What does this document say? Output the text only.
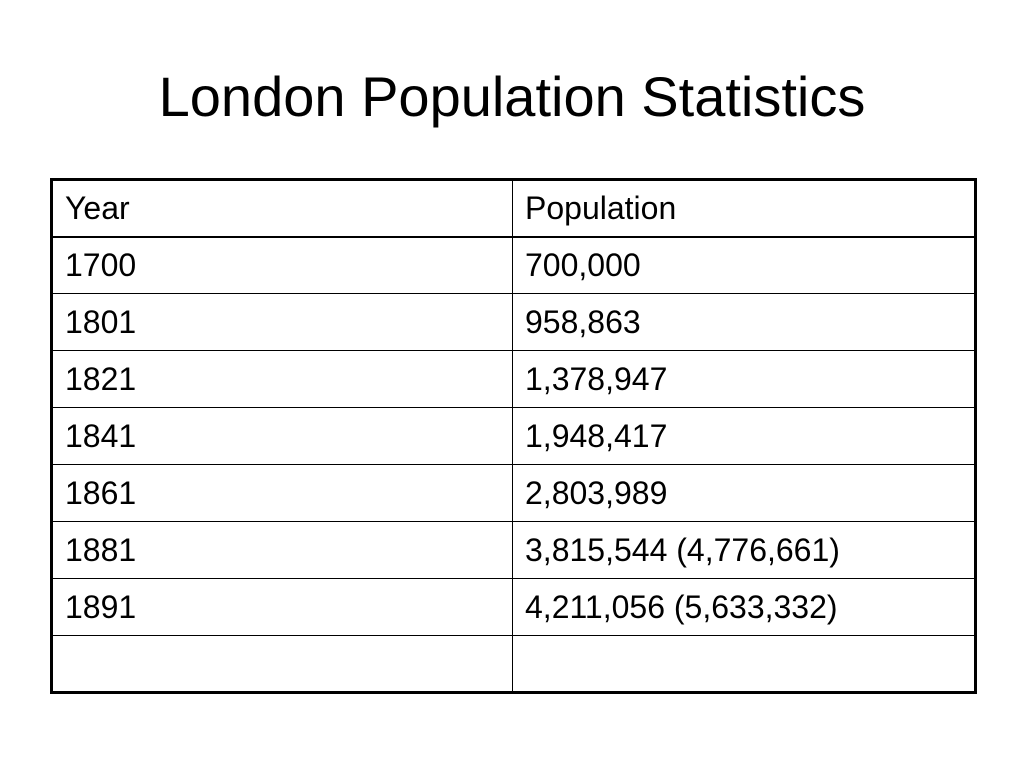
London Population Statistics
Year	Population
1700	700,000
1801	958,863
1821	1,378,947
1841	1,948,417
1861	2,803,989
1881	3,815,544 (4,776,661)
1891	4,211,056 (5,633,332)
